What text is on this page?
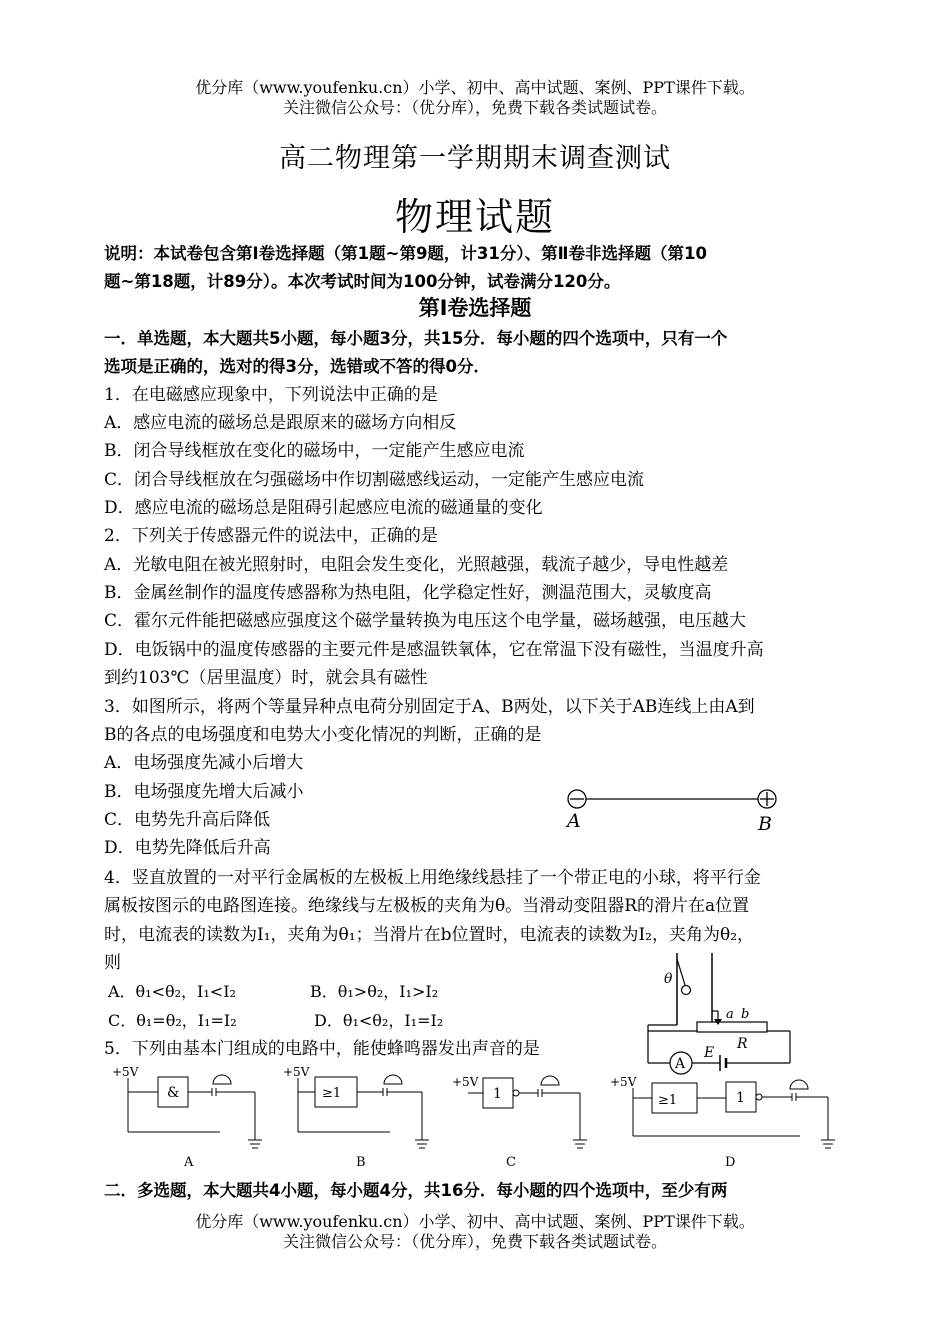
优分库（www.youfenku.cn）小学、初中、高中试题、案例、PPT课件下载。
关注微信公众号：（优分库），免费下载各类试题试卷。
高二物理第一学期期末调查测试
物理试题
说明：本试卷包含第Ⅰ卷选择题（第1题~第9题，计31分）、第Ⅱ卷非选择题（第10
题~第18题，计89分）。本次考试时间为100分钟，试卷满分120分。
第Ⅰ卷选择题
一．单选题，本大题共5小题，每小题3分，共15分．每小题的四个选项中，只有一个
选项是正确的，选对的得3分，选错或不答的得0分．
1．在电磁感应现象中，下列说法中正确的是
A．感应电流的磁场总是跟原来的磁场方向相反
B．闭合导线框放在变化的磁场中，一定能产生感应电流
C．闭合导线框放在匀强磁场中作切割磁感线运动，一定能产生感应电流
D．感应电流的磁场总是阻碍引起感应电流的磁通量的变化
2．下列关于传感器元件的说法中，正确的是
A．光敏电阻在被光照射时，电阻会发生变化，光照越强，载流子越少，导电性越差
B．金属丝制作的温度传感器称为热电阻，化学稳定性好，测温范围大，灵敏度高
C．霍尔元件能把磁感应强度这个磁学量转换为电压这个电学量，磁场越强，电压越大
D．电饭锅中的温度传感器的主要元件是感温铁氧体，它在常温下没有磁性，当温度升高
到约103℃（居里温度）时，就会具有磁性
3．如图所示，将两个等量异种点电荷分别固定于A、B两处，以下关于AB连线上由A到
B的各点的电场强度和电势大小变化情况的判断，正确的是
A．电场强度先减小后增大
B．电场强度先增大后减小
C．电势先升高后降低
D．电势先降低后升高
A	B
4．竖直放置的一对平行金属板的左极板上用绝缘线悬挂了一个带正电的小球，将平行金
属板按图示的电路图连接。绝缘线与左极板的夹角为θ。当滑动变阻器R的滑片在a位置
时，电流表的读数为I₁，夹角为θ₁；当滑片在b位置时，电流表的读数为I₂，夹角为θ₂，
则
A．θ₁<θ₂，I₁<I₂	B．θ₁>θ₂，I₁>I₂
C．θ₁=θ₂，I₁=I₂	D．θ₁<θ₂，I₁=I₂
θ
a b
R
A
E
5．下列由基本门组成的电路中，能使蜂鸣器发出声音的是
+5V
&
A
+5V
≥1
B
+5V
1
C
+5V
≥1	1
D
二．多选题，本大题共4小题，每小题4分，共16分．每小题的四个选项中，至少有两
优分库（www.youfenku.cn）小学、初中、高中试题、案例、PPT课件下载。
关注微信公众号：（优分库），免费下载各类试题试卷。
